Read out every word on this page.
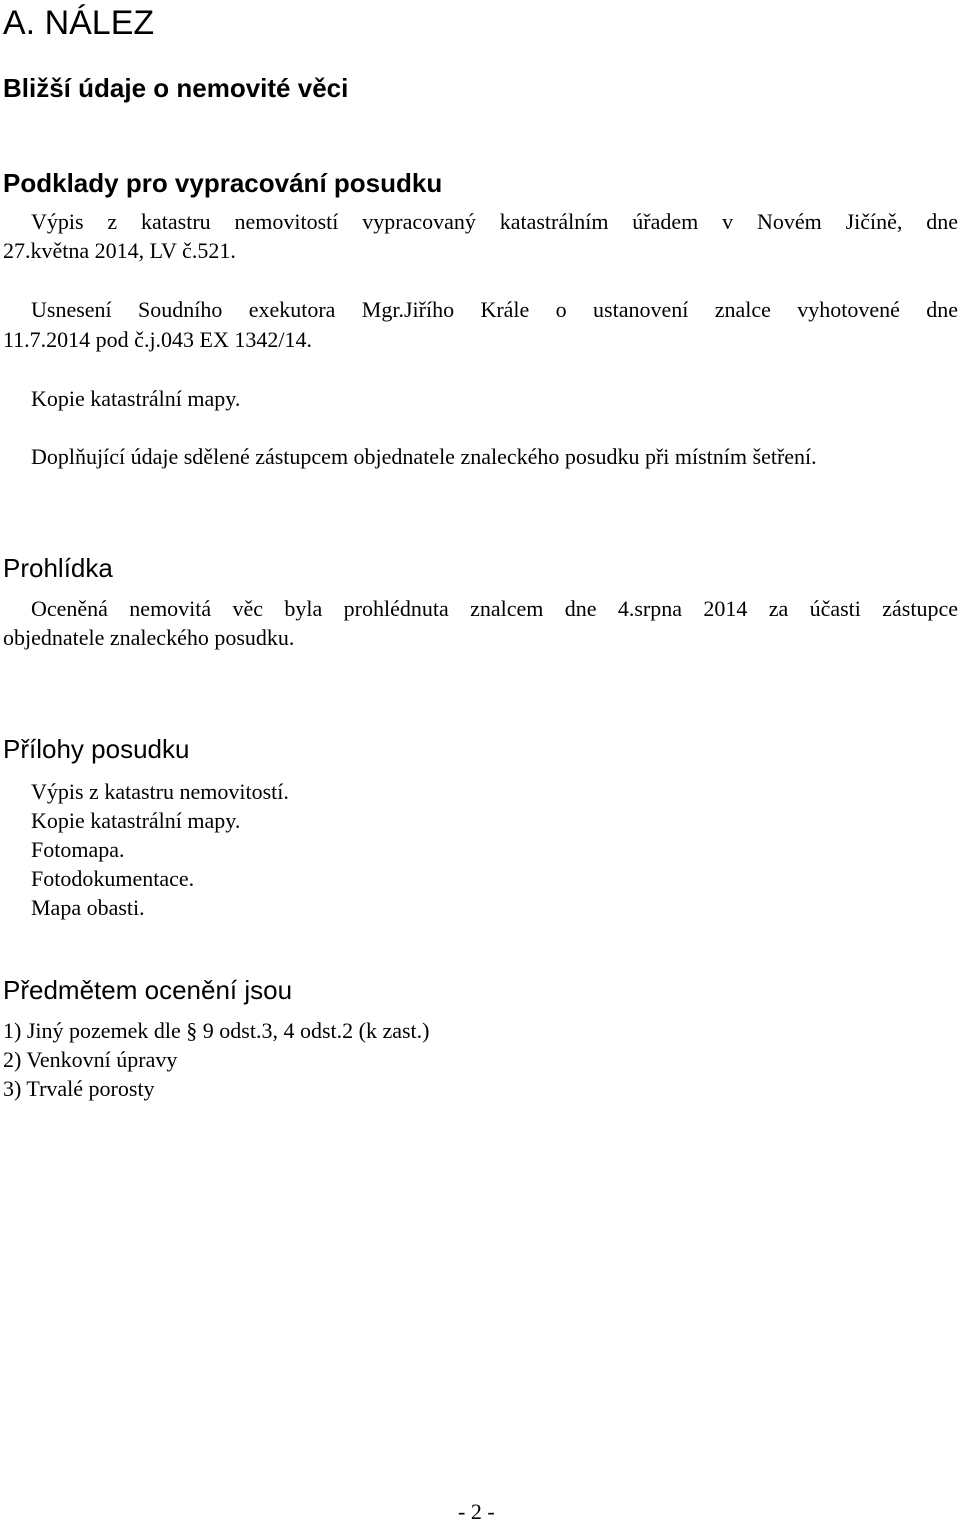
A. NÁLEZ
Bližší údaje o nemovité věci
Podklady pro vypracování posudku

Výpis z katastru nemovitostí vypracovaný katastrálním úřadem v Novém Jičíně, dne

27.května 2014, LV č.521.

Usnesení Soudního exekutora Mgr.Jiřího Krále o ustanovení znalce vyhotovené dne

11.7.2014 pod č.j.043 EX 1342/14.

Kopie katastrální mapy.

Doplňující údaje sdělené zástupcem objednatele znaleckého posudku při místním šetření.

Prohlídka

Oceněná nemovitá věc byla prohlédnuta znalcem dne 4.srpna 2014 za účasti zástupce

objednatele znaleckého posudku.

Přílohy posudku

Výpis z katastru nemovitostí.

Kopie katastrální mapy.

Fotomapa.

Fotodokumentace.

Mapa obasti.

Předmětem ocenění jsou

1) Jiný pozemek dle § 9 odst.3, 4 odst.2 (k zast.)

2) Venkovní úpravy

3) Trvalé porosty

- 2 -
